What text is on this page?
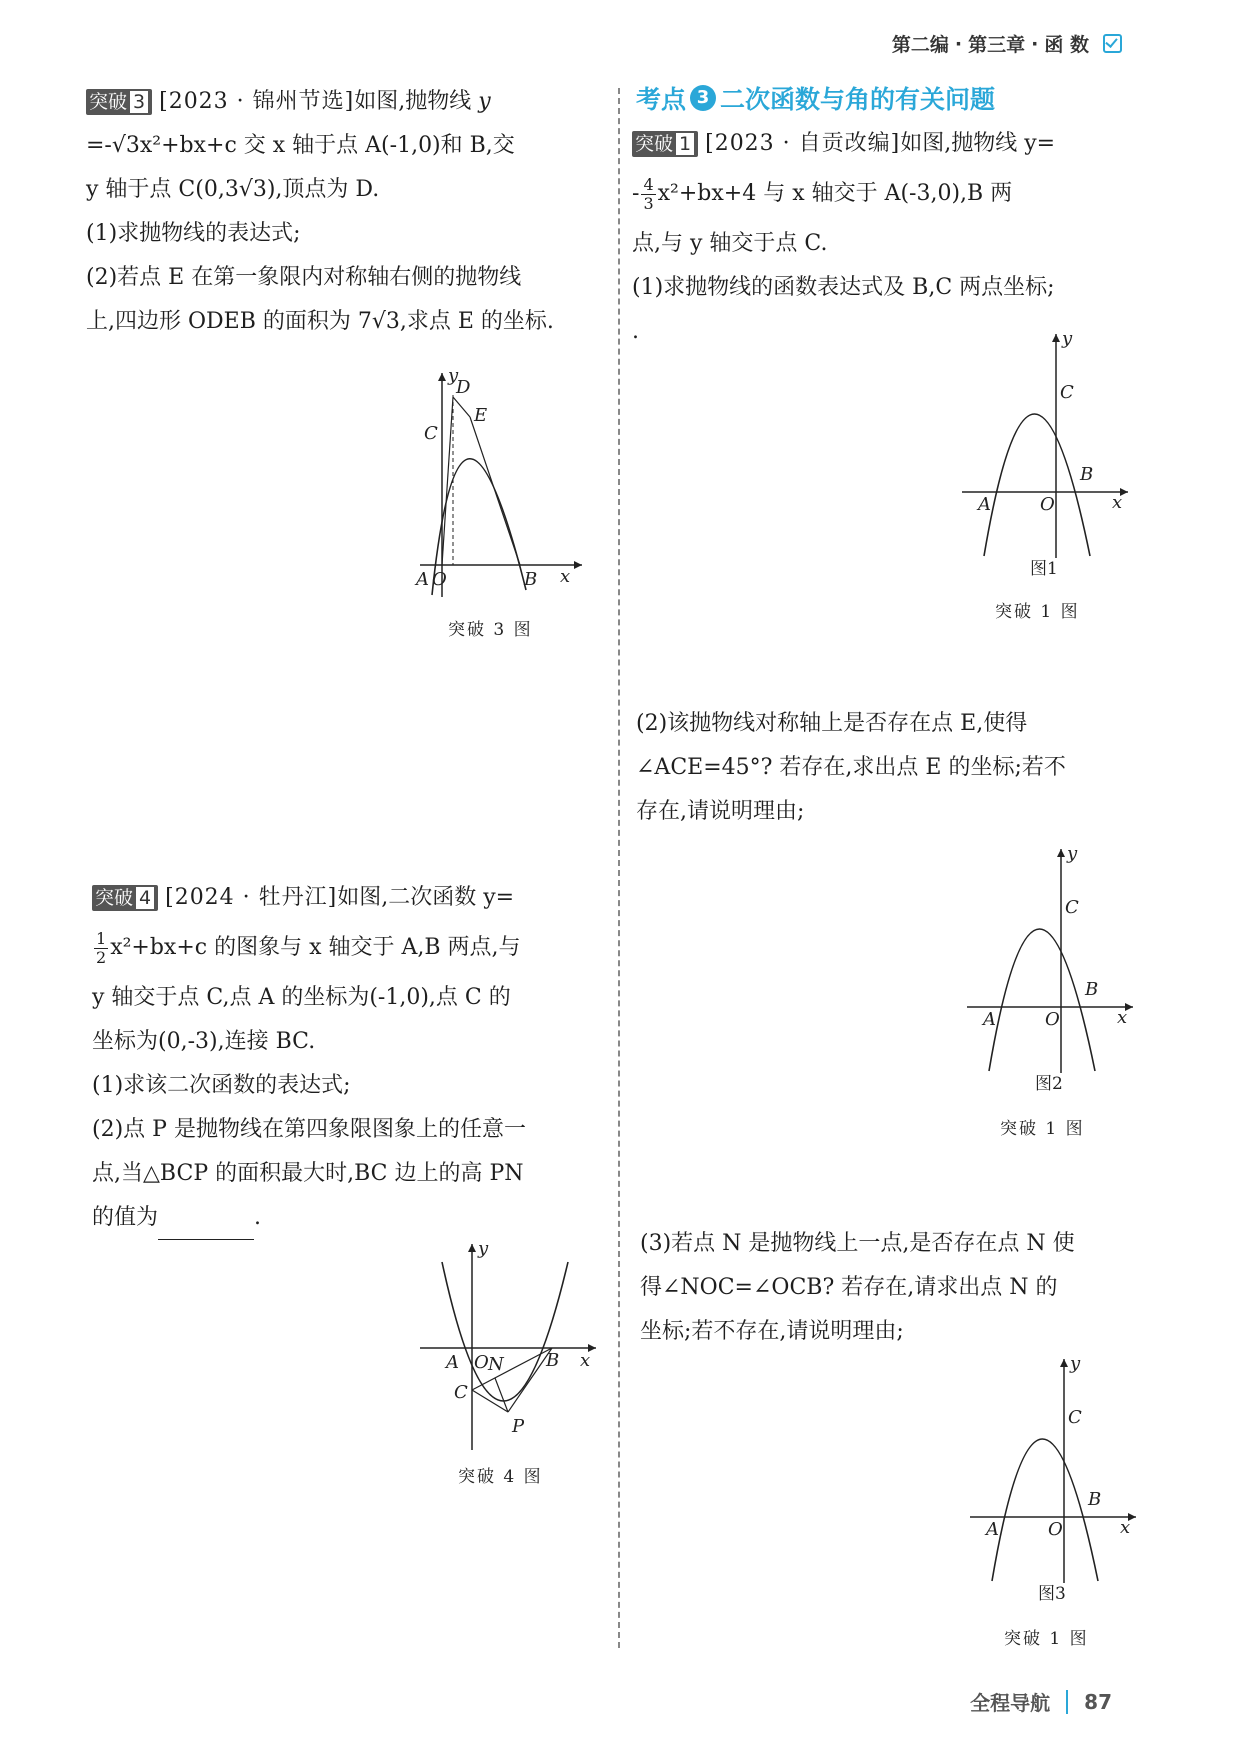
第二编 · 第三章 · 函 数

突破 3 [2023 · 锦州节选]如图,抛物线 y

=-√3x²+bx+c 交 x 轴于点 A(-1,0)和 B,交

y 轴于点 C(0,3√3),顶点为 D.

(1)求抛物线的表达式;

(2)若点 E 在第一象限内对称轴右侧的抛物线

上,四边形 ODEB 的面积为 7√3,求点 E 的坐标.

y
D
E
C
A O	B x
突破 3 图

突破 4 [2024 · 牡丹江]如图,二次函数 y=

$\frac{1}{2} x^2+bx+c$ 的图象与 x 轴交于 A,B 两点,与

y 轴交于点 C,点 A 的坐标为(-1,0),点 C 的

坐标为(0,-3),连接 BC.

(1)求该二次函数的表达式;

(2)点 P 是抛物线在第四象限图象上的任意一

点,当△BCP 的面积最大时,BC 边上的高 PN

的值为	.

y
A O N B x
C
P
突破 4 图
考点 3 二次函数与角的有关问题

突破 1 [2023 · 自贡改编]如图,抛物线 y=

- $\frac{4}{3} x^2+bx+4$ 与 x 轴交于 A(-3,0),B 两

点,与 y 轴交于点 C.

(1)求抛物线的函数表达式及 B,C 两点坐标;

.	y
C
B
A	O	x
图1
突破 1 图

(2)该抛物线对称轴上是否存在点 E,使得

∠ACE=45°? 若存在,求出点 E 的坐标;若不

存在,请说明理由;

y
C
B
A	O	x
图2
突破 1 图

(3)若点 N 是抛物线上一点,是否存在点 N 使

得∠NOC=∠OCB? 若存在,请求出点 N 的

坐标;若不存在,请说明理由;

y
C
B
A	O	x
图3
突破 1 图
全程导航 87
